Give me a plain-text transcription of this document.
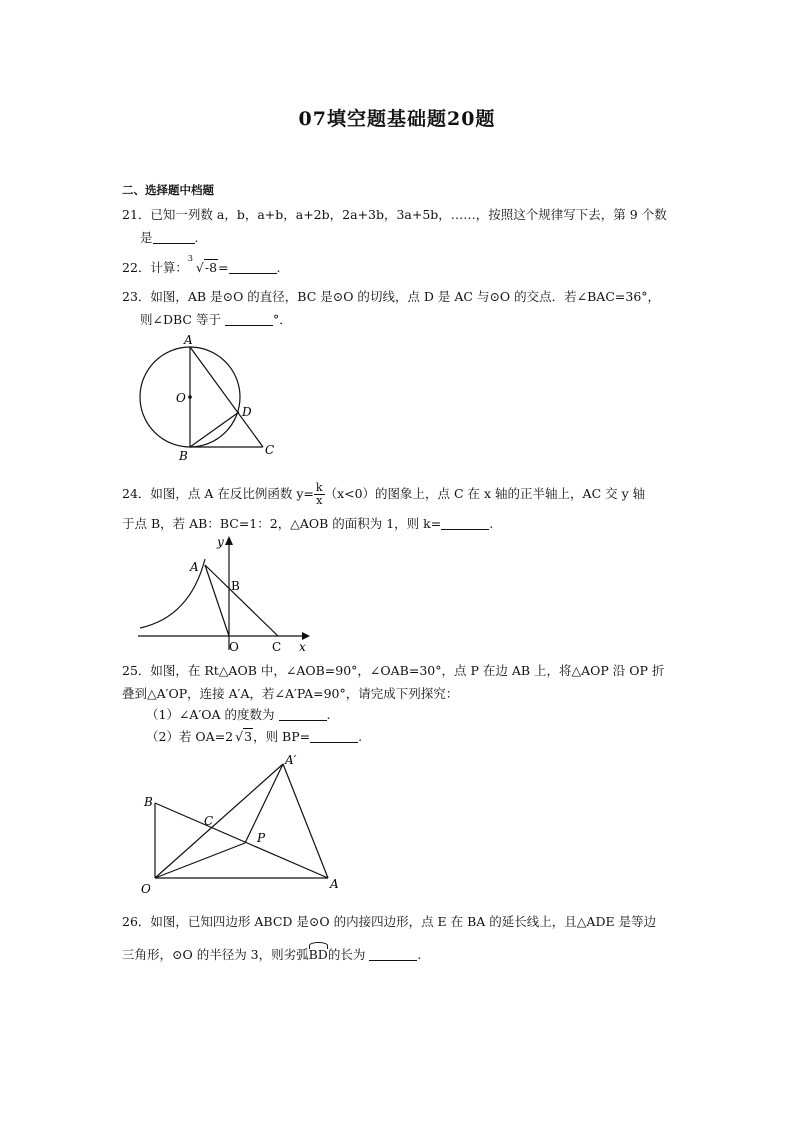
07填空题基础题20题
二、选择题中档题
21．已知一列数 a，b，a+b，a+2b，2a+3b，3a+5b，……，按照这个规律写下去，第 9 个数
是	.
22．计算：
3
√-8=	.
23．如图，AB 是⊙O 的直径，BC 是⊙O 的切线，点 D 是 AC 与⊙O 的交点．若∠BAC=36°，
则∠DBC 等于	°．
A
O
D
B	C
24．如图，点 A 在反比例函数 $y= \frac{k}{x} (x<0)$的图象上，点 C 在 x 轴的正半轴上，AC 交 y 轴
于点 B，若 AB：BC=1：2，△AOB 的面积为 1，则 k=	.
y
A
B
O	C x
25．如图，在 Rt△AOB 中，∠AOB=90°，∠OAB=30°，点 P 在边 AB 上，将△AOP 沿 OP 折
叠到△A′OP，连接 A′A，若∠A′PA=90°，请完成下列探究：
（1）∠A′OA 的度数为	.
（2）若 OA=2 √3，则 BP=	.
A′
B
C
P
O	A
26．如图，已知四边形 ABCD 是⊙O 的内接四边形，点 E 在 BA 的延长线上，且△ADE 是等边
三角形，⊙O 的半径为 3，则劣弧BD的长为	.
